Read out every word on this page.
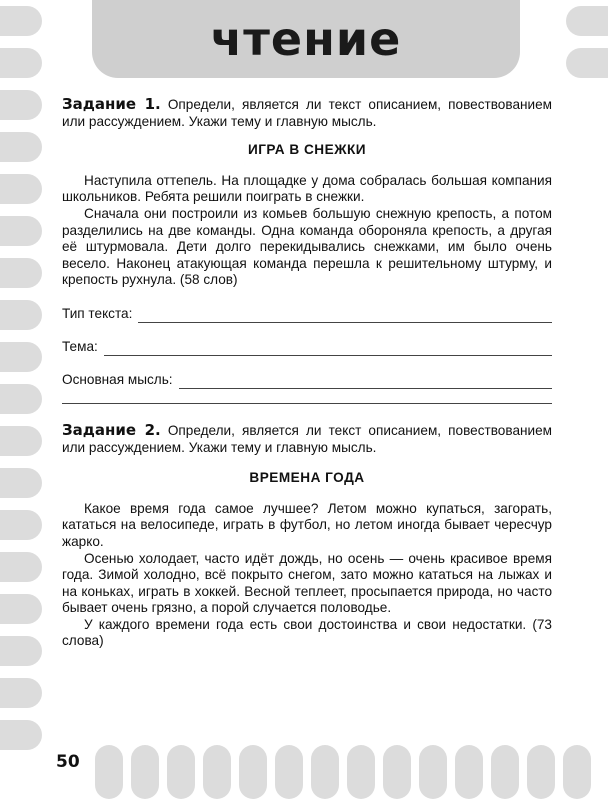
чтение

Задание 1. Определи, является ли текст описанием, повествованием или рассуждением. Укажи тему и главную мысль.

ИГРА В СНЕЖКИ

Наступила оттепель. На площадке у дома собралась большая компания школьников. Ребята решили поиграть в снежки.

Сначала они построили из комьев большую снежную крепость, а потом разделились на две команды. Одна команда обороняла крепость, а другая её штурмовала. Дети долго перекидывались снежками, им было очень весело. Наконец атакующая команда перешла к решительному штурму, и крепость рухнула. (58 слов)

Тип текста:
Тема:
Основная мысль:

Задание 2. Определи, является ли текст описанием, повествованием или рассуждением. Укажи тему и главную мысль.

ВРЕМЕНА ГОДА

Какое время года самое лучшее? Летом можно купаться, загорать, кататься на велосипеде, играть в футбол, но летом иногда бывает чересчур жарко.

Осенью холодает, часто идёт дождь, но осень — очень красивое время года. Зимой холодно, всё покрыто снегом, зато можно кататься на лыжах и на коньках, играть в хоккей. Весной теплеет, просыпается природа, но часто бывает очень грязно, а порой случается половодье.

У каждого времени года есть свои достоинства и свои недостатки. (73 слова)

50
